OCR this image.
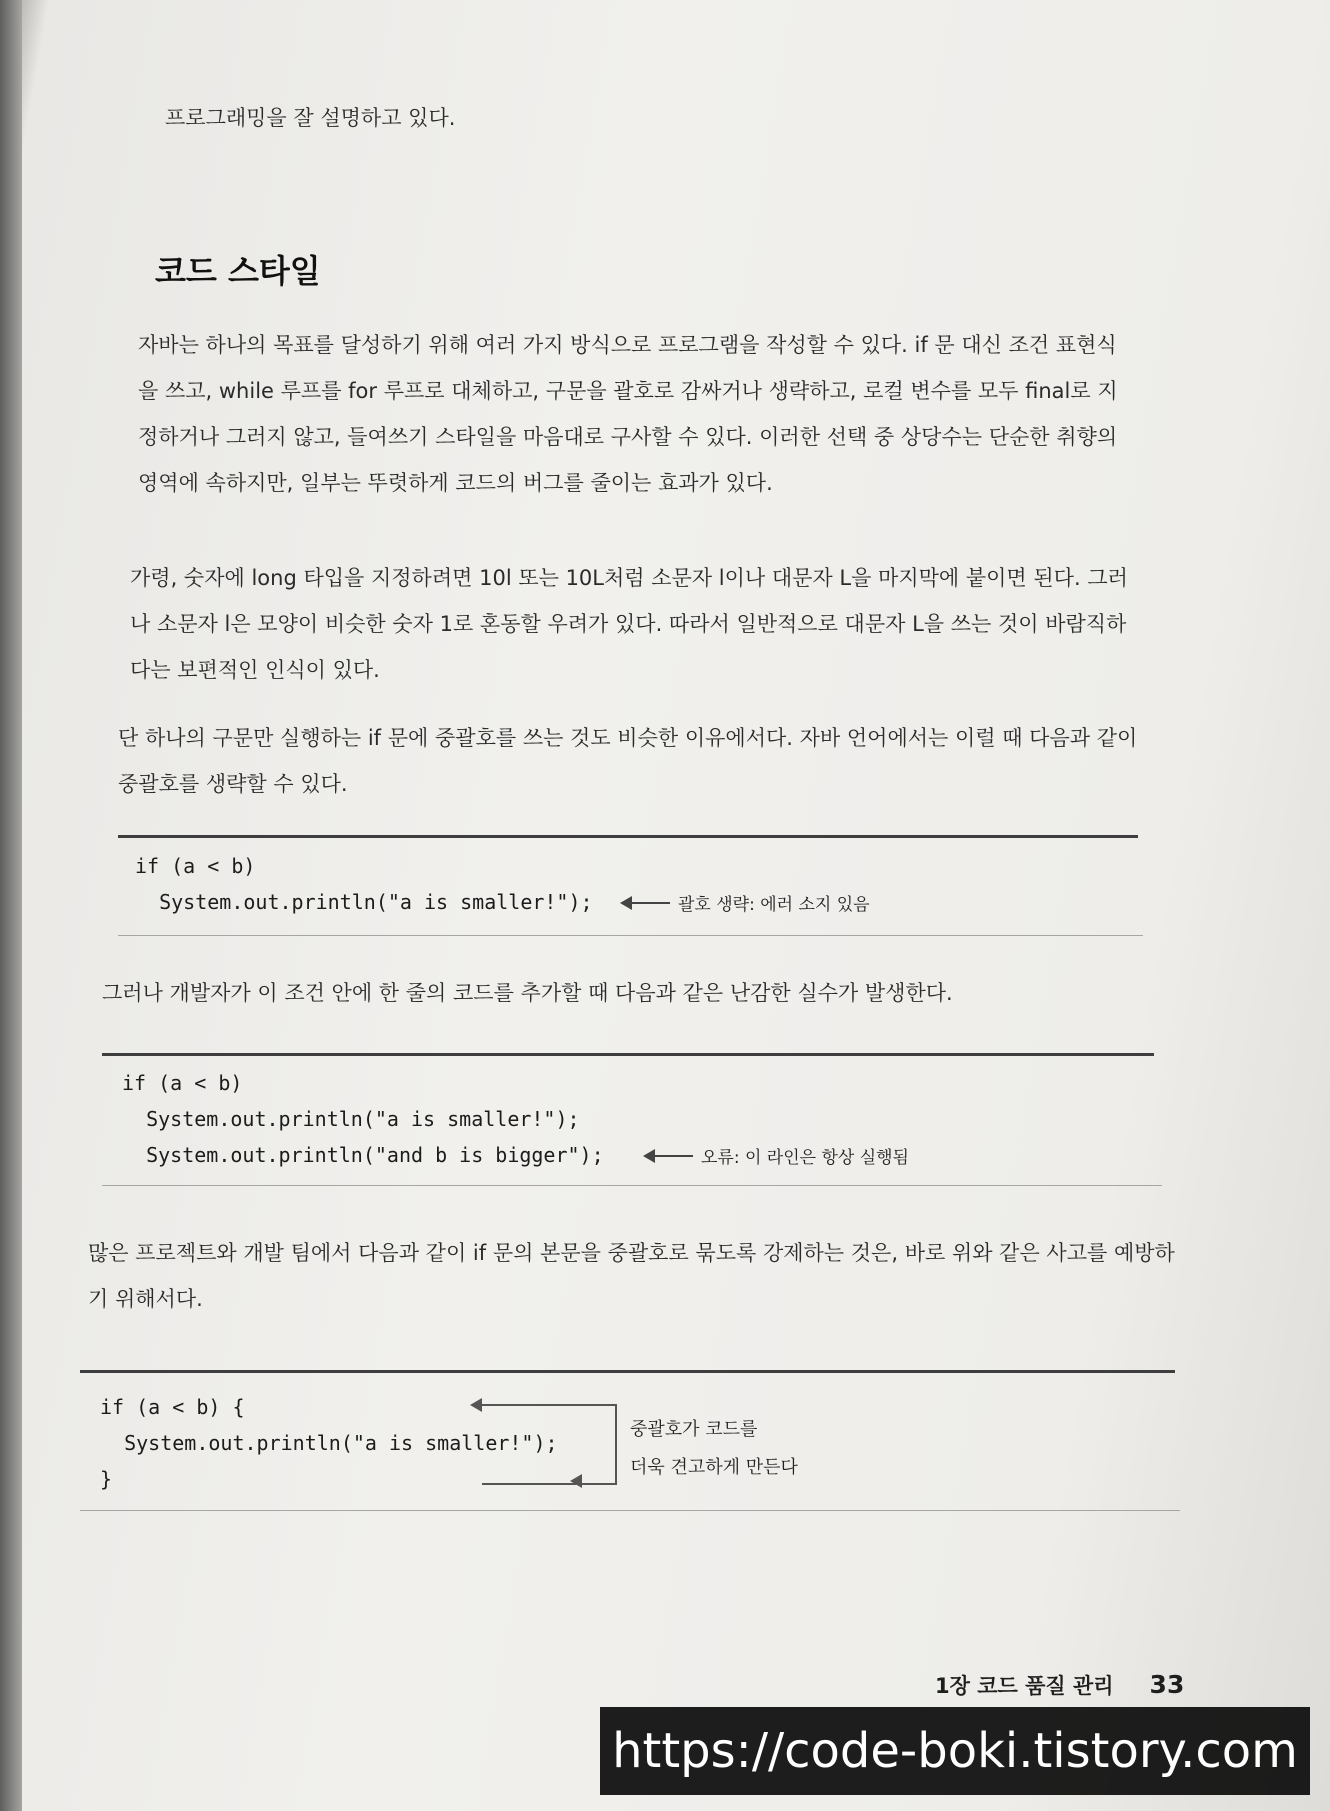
프로그래밍을 잘 설명하고 있다.
코드 스타일
자바는 하나의 목표를 달성하기 위해 여러 가지 방식으로 프로그램을 작성할 수 있다. if 문 대신 조건 표현식을 쓰고, while 루프를 for 루프로 대체하고, 구문을 괄호로 감싸거나 생략하고, 로컬 변수를 모두 final로 지정하거나 그러지 않고, 들여쓰기 스타일을 마음대로 구사할 수 있다. 이러한 선택 중 상당수는 단순한 취향의 영역에 속하지만, 일부는 뚜렷하게 코드의 버그를 줄이는 효과가 있다.
가령, 숫자에 long 타입을 지정하려면 10l 또는 10L처럼 소문자 l이나 대문자 L을 마지막에 붙이면 된다. 그러나 소문자 l은 모양이 비슷한 숫자 1로 혼동할 우려가 있다. 따라서 일반적으로 대문자 L을 쓰는 것이 바람직하다는 보편적인 인식이 있다.
단 하나의 구문만 실행하는 if 문에 중괄호를 쓰는 것도 비슷한 이유에서다. 자바 언어에서는 이럴 때 다음과 같이 중괄호를 생략할 수 있다.
if (a < b)
System.out.println("a is smaller!");	괄호 생략: 에러 소지 있음
그러나 개발자가 이 조건 안에 한 줄의 코드를 추가할 때 다음과 같은 난감한 실수가 발생한다.
if (a < b)
System.out.println("a is smaller!");
System.out.println("and b is bigger");	오류: 이 라인은 항상 실행됨
많은 프로젝트와 개발 팀에서 다음과 같이 if 문의 본문을 중괄호로 묶도록 강제하는 것은, 바로 위와 같은 사고를 예방하기 위해서다.
if (a < b) {
System.out.println("a is smaller!");
}
중괄호가 코드를
더욱 견고하게 만든다
1장 코드 품질 관리 33
https://code-boki.tistory.com
